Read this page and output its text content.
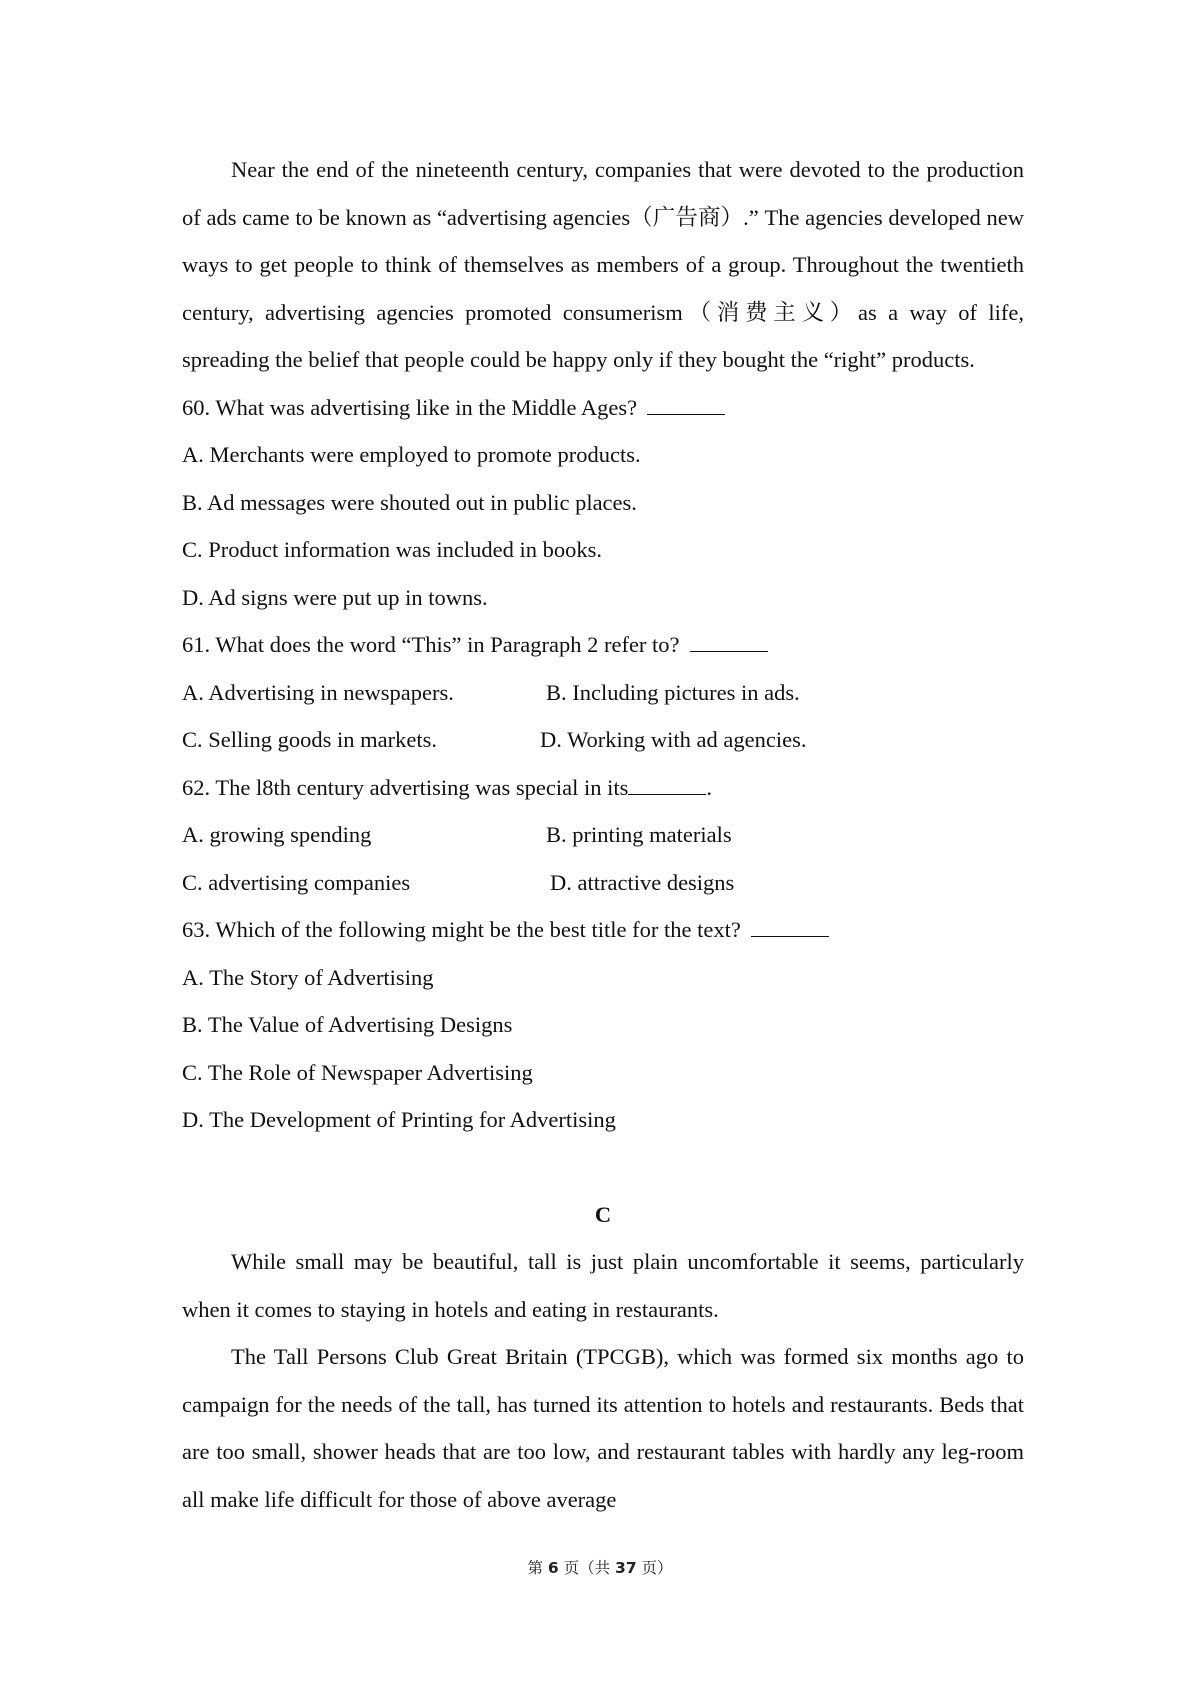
Near the end of the nineteenth century, companies that were devoted to the production of ads came to be known as “advertising agencies（广告商）.” The agencies developed new ways to get people to think of themselves as members of a group. Throughout the twentieth century, advertising agencies promoted consumerism（消费主义）as a way of life, spreading the belief that people could be happy only if they bought the “right” products.

60. What was advertising like in the Middle Ages?

A. Merchants were employed to promote products.

B. Ad messages were shouted out in public places.

C. Product information was included in books.

D. Ad signs were put up in towns.

61. What does the word “This” in Paragraph 2 refer to?

A. Advertising in newspapers.	B. Including pictures in ads.
C. Selling goods in markets.	D. Working with ad agencies.

62. The l8th century advertising was special in its	.

A. growing spending	B. printing materials
C. advertising companies	D. attractive designs

63. Which of the following might be the best title for the text?

A. The Story of Advertising

B. The Value of Advertising Designs

C. The Role of Newspaper Advertising

D. The Development of Printing for Advertising

C

While small may be beautiful, tall is just plain uncomfortable it seems, particularly when it comes to staying in hotels and eating in restaurants.

The Tall Persons Club Great Britain (TPCGB), which was formed six months ago to campaign for the needs of the tall, has turned its attention to hotels and restaurants. Beds that are too small, shower heads that are too low, and restaurant tables with hardly any leg-room all make life difficult for those of above average

第 6 页（共 37 页）
